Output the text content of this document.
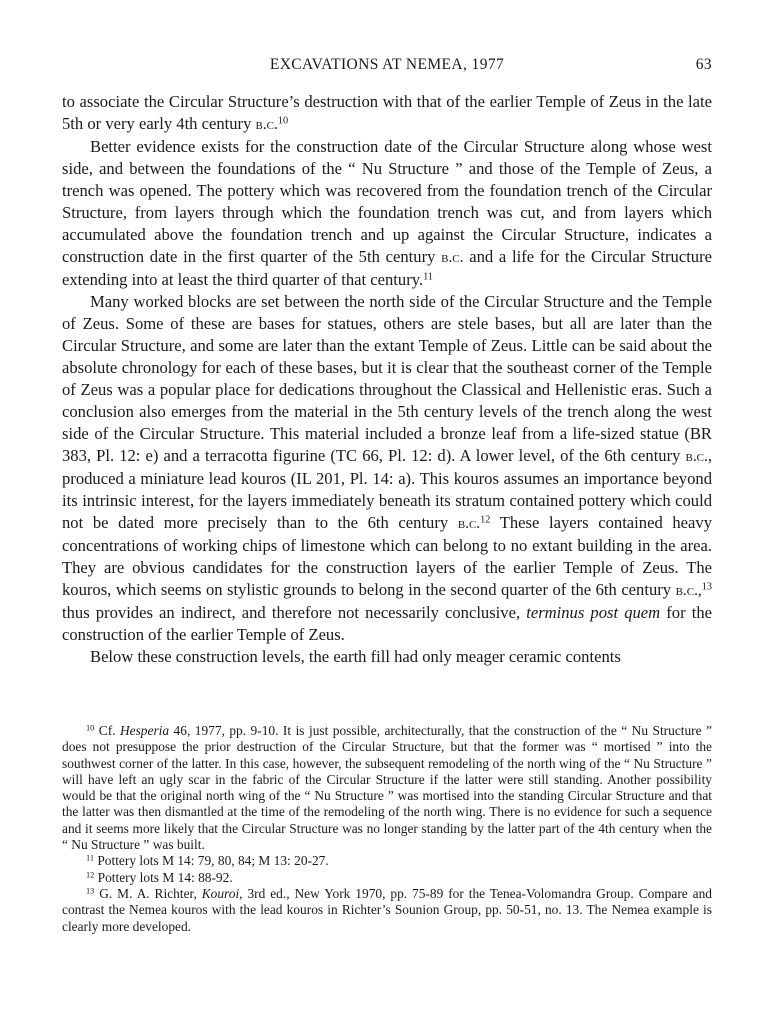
EXCAVATIONS AT NEMEA, 1977	63

to associate the Circular Structure’s destruction with that of the earlier Temple of Zeus in the late 5th or very early 4th century b.c.$^{10}$

Better evidence exists for the construction date of the Circular Structure along whose west side, and between the foundations of the “ Nu Structure ” and those of the Temple of Zeus, a trench was opened. The pottery which was recovered from the foundation trench of the Circular Structure, from layers through which the foundation trench was cut, and from layers which accumulated above the foundation trench and up against the Circular Structure, indicates a construction date in the first quarter of the 5th century b.c. and a life for the Circular Structure extending into at least the third quarter of that century.$^{11}$

Many worked blocks are set between the north side of the Circular Structure and the Temple of Zeus. Some of these are bases for statues, others are stele bases, but all are later than the Circular Structure, and some are later than the extant Temple of Zeus. Little can be said about the absolute chronology for each of these bases, but it is clear that the southeast corner of the Temple of Zeus was a popular place for dedications throughout the Classical and Hellenistic eras. Such a conclusion also emerges from the material in the 5th century levels of the trench along the west side of the Circular Structure. This material included a bronze leaf from a life-sized statue (BR 383, Pl. 12: e) and a terracotta figurine (TC 66, Pl. 12: d). A lower level, of the 6th century b.c., produced a miniature lead kouros (IL 201, Pl. 14: a). This kouros assumes an importance beyond its intrinsic interest, for the layers immediately beneath its stratum contained pottery which could not be dated more precisely than to the 6th century b.c.$^{12}$ These layers contained heavy concentrations of working chips of limestone which can belong to no extant building in the area. They are obvious candidates for the construction layers of the earlier Temple of Zeus. The kouros, which seems on stylistic grounds to belong in the second quarter of the 6th century b.c.,$^{13}$ thus provides an indirect, and therefore not necessarily conclusive, terminus post quem for the construction of the earlier Temple of Zeus.

Below these construction levels, the earth fill had only meager ceramic contents

$^{10}$ Cf. Hesperia 46, 1977, pp. 9-10. It is just possible, architecturally, that the construction of the “ Nu Structure ” does not presuppose the prior destruction of the Circular Structure, but that the former was “ mortised ” into the southwest corner of the latter. In this case, however, the subsequent remodeling of the north wing of the “ Nu Structure ” will have left an ugly scar in the fabric of the Circular Structure if the latter were still standing. Another possibility would be that the original north wing of the “ Nu Structure ” was mortised into the standing Circular Structure and that the latter was then dismantled at the time of the remodeling of the north wing. There is no evidence for such a sequence and it seems more likely that the Circular Structure was no longer standing by the latter part of the 4th century when the “ Nu Structure ” was built.

$^{11}$ Pottery lots M 14: 79, 80, 84; M 13: 20-27.

$^{12}$ Pottery lots M 14: 88-92.

$^{13}$ G. M. A. Richter, Kouroi, 3rd ed., New York 1970, pp. 75-89 for the Tenea-Volomandra Group. Compare and contrast the Nemea kouros with the lead kouros in Richter’s Sounion Group, pp. 50-51, no. 13. The Nemea example is clearly more developed.
